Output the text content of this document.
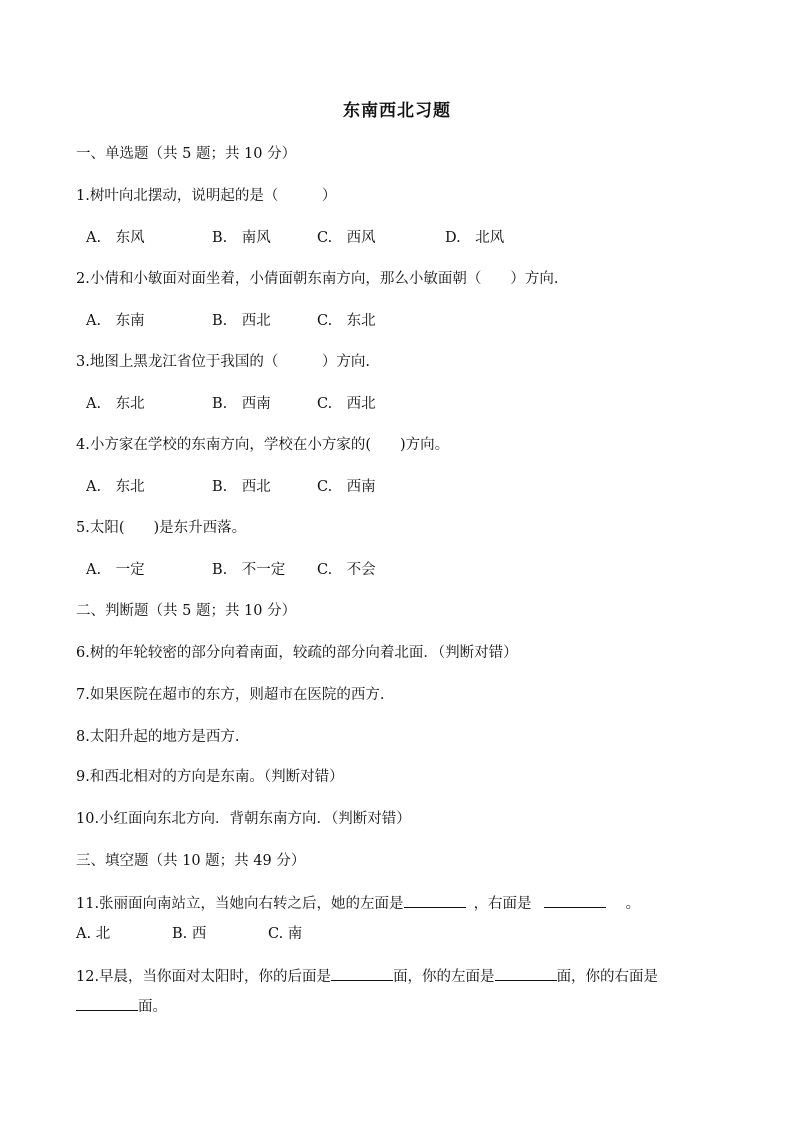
东南西北习题
一、单选题（共 5 题；共 10 分）
1.树叶向北摆动，说明起的是（　　　）
A.　东风	B.　南风	C.　西风	D.　北风
2.小倩和小敏面对面坐着，小倩面朝东南方向，那么小敏面朝（　　）方向.
A.　东南	B.　西北	C.　东北
3.地图上黑龙江省位于我国的（　　　）方向.
A.　东北	B.　西南	C.　西北
4.小方家在学校的东南方向，学校在小方家的(　　)方向。
A.　东北	B.　西北	C.　西南
5.太阳(　　)是东升西落。
A.　一定	B.　不一定 C.　不会
二、判断题（共 5 题；共 10 分）
6.树的年轮较密的部分向着南面，较疏的部分向着北面．（判断对错）
7.如果医院在超市的东方，则超市在医院的西方.
8.太阳升起的地方是西方.
9.和西北相对的方向是东南。（判断对错）
10.小红面向东北方向．背朝东南方向．（判断对错）
三、填空题（共 10 题；共 49 分）
11.张丽面向南站立，当她向右转之后，她的左面是	，右面是	。
A. 北	B. 西	C. 南
12.早晨，当你面对太阳时，你的后面是	面，你的左面是	面，你的右面是
面。
